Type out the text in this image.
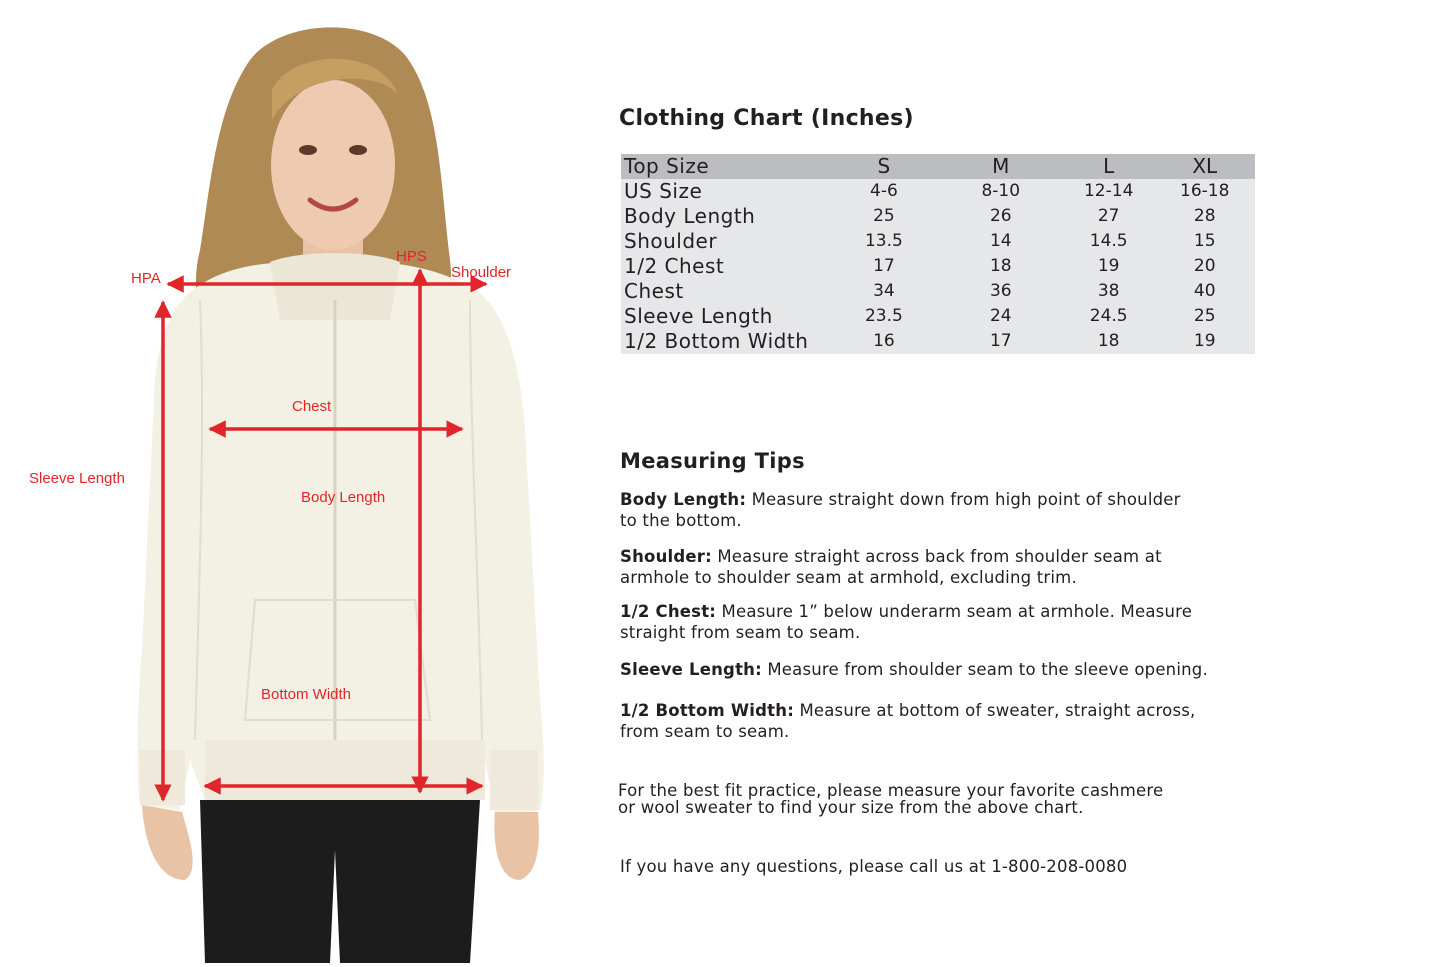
HPA
HPS
Shoulder
Chest
Sleeve Length
Body Length
Bottom Width
Clothing Chart (Inches)
Top Size	S	M	L	XL
US Size	4-6	8-10	12-14	16-18
Body Length	25	26	27	28
Shoulder	13.5	14	14.5	15
1/2 Chest	17	18	19	20
Chest	34	36	38	40
Sleeve Length	23.5	24	24.5	25
1/2 Bottom Width	16	17	18	19
Measuring Tips
Body Length: Measure straight down from high point of shoulder
to the bottom.
Shoulder: Measure straight across back from shoulder seam at
armhole to shoulder seam at armhold, excluding trim.
1/2 Chest: Measure 1” below underarm seam at armhole. Measure
straight from seam to seam.
Sleeve Length: Measure from shoulder seam to the sleeve opening.
1/2 Bottom Width: Measure at bottom of sweater, straight across,
from seam to seam.
For the best fit practice, please measure your favorite cashmere
or wool sweater to find your size from the above chart.
If you have any questions, please call us at 1-800-208-0080
